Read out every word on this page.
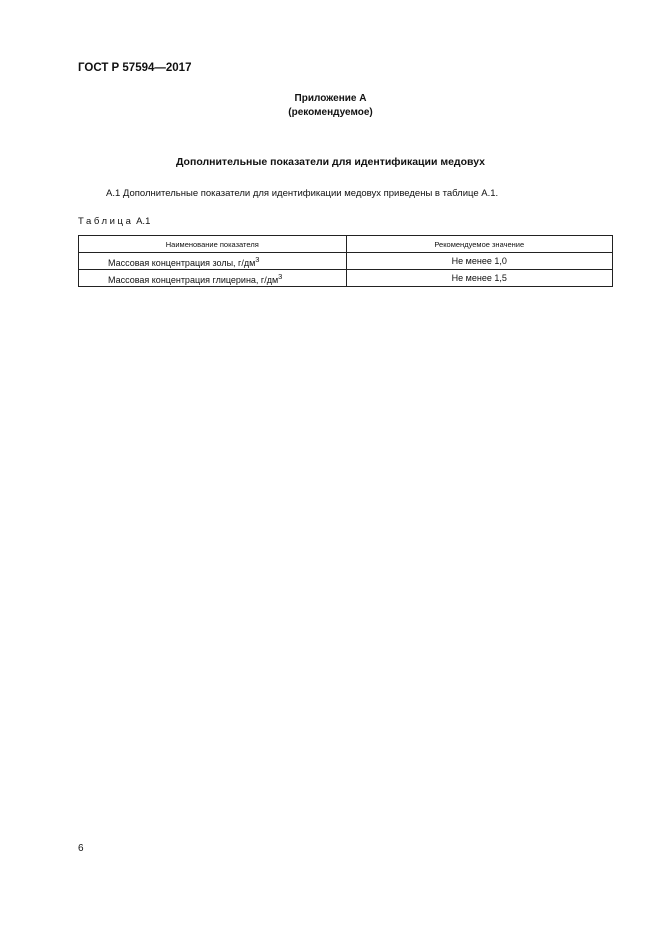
ГОСТ Р 57594—2017
Приложение А
(рекомендуемое)
Дополнительные показатели для идентификации медовух
А.1 Дополнительные показатели для идентификации медовух приведены в таблице А.1.
Таблица А.1
Наименование показателя	Рекомендуемое значение
Массовая концентрация золы, $г/дм^3$	Не менее 1,0
Массовая концентрация глицерина, $г/дм^3$	Не менее 1,5
6
